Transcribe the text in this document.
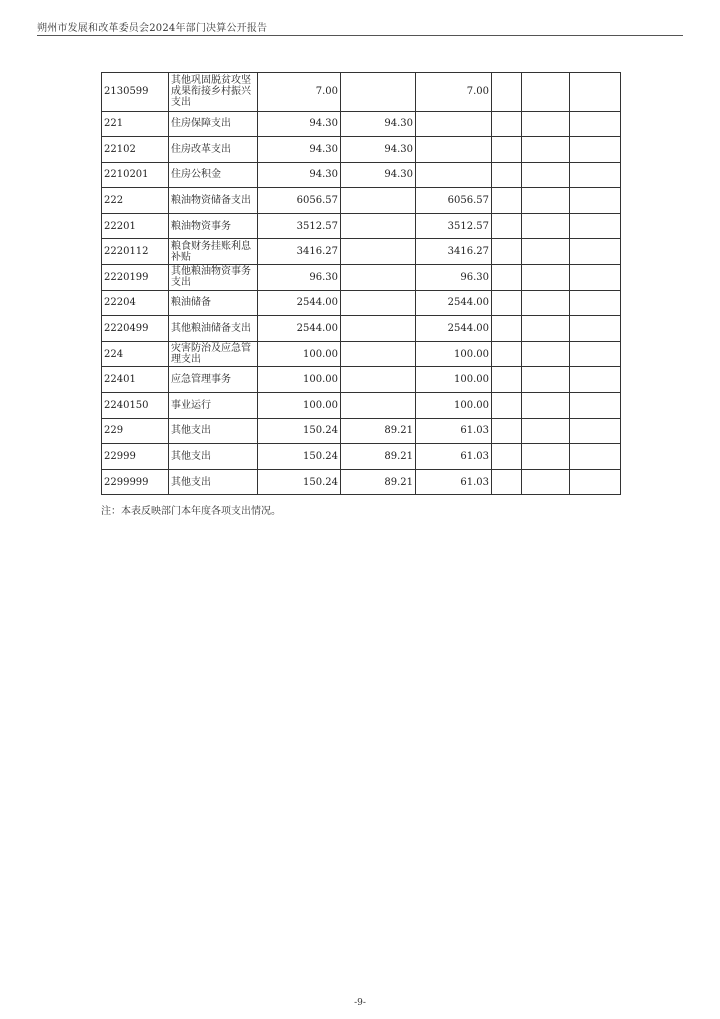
朔州市发展和改革委员会2024年部门决算公开报告
2130599	其他巩固脱贫攻坚成果衔接乡村振兴支出	7.00		7.00			
221	住房保障支出	94.30	94.30				
22102	住房改革支出	94.30	94.30				
2210201	住房公积金	94.30	94.30				
222	粮油物资储备支出	6056.57		6056.57			
22201	粮油物资事务	3512.57		3512.57			
2220112	粮食财务挂账利息补贴	3416.27		3416.27			
2220199	其他粮油物资事务支出	96.30		96.30			
22204	粮油储备	2544.00		2544.00			
2220499	其他粮油储备支出	2544.00		2544.00			
224	灾害防治及应急管理支出	100.00		100.00			
22401	应急管理事务	100.00		100.00			
2240150	事业运行	100.00		100.00			
229	其他支出	150.24	89.21	61.03			
22999	其他支出	150.24	89.21	61.03			
2299999	其他支出	150.24	89.21	61.03			
注：本表反映部门本年度各项支出情况。
-9-
